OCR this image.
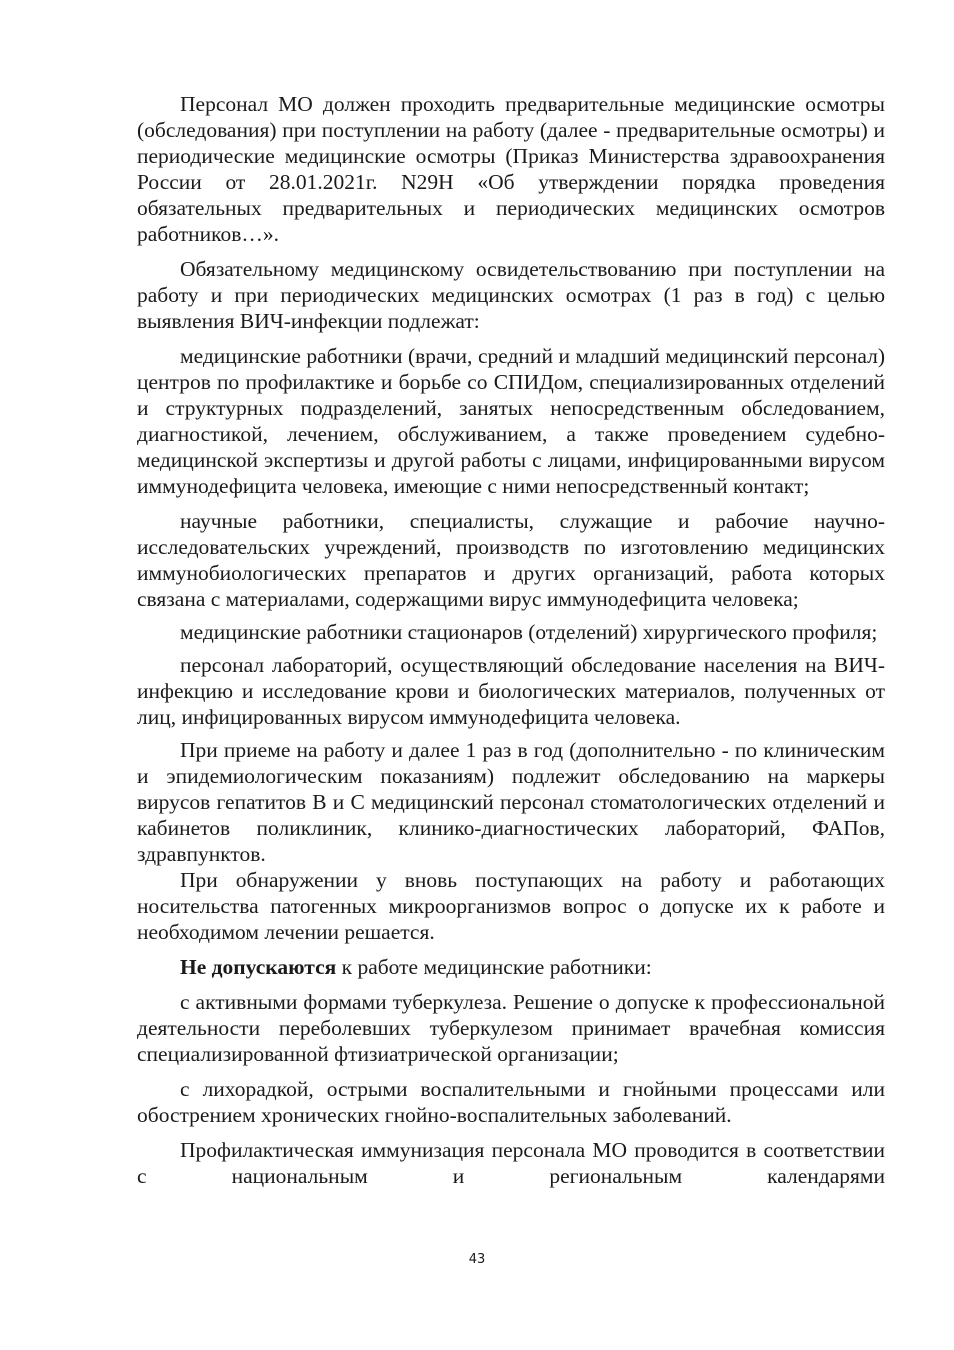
Персонал МО должен проходить предварительные медицинские осмотры (обследования) при поступлении на работу (далее - предварительные осмотры) и периодические медицинские осмотры (Приказ Министерства здравоохранения России от 28.01.2021г. N29Н «Об утверждении порядка проведения обязательных предварительных и периодических медицинских осмотров работников…».

Обязательному медицинскому освидетельствованию при поступлении на работу и при периодических медицинских осмотрах (1 раз в год) с целью выявления ВИЧ-инфекции подлежат:

медицинские работники (врачи, средний и младший медицинский персонал) центров по профилактике и борьбе со СПИДом, специализированных отделений и структурных подразделений, занятых непосредственным обследованием, диагностикой, лечением, обслуживанием, а также проведением судебно-медицинской экспертизы и другой работы с лицами, инфицированными вирусом иммунодефицита человека, имеющие с ними непосредственный контакт;

научные работники, специалисты, служащие и рабочие научно-исследовательских учреждений, производств по изготовлению медицинских иммунобиологических препаратов и других организаций, работа которых связана с материалами, содержащими вирус иммунодефицита человека;

медицинские работники стационаров (отделений) хирургического профиля;

персонал лабораторий, осуществляющий обследование населения на ВИЧ-инфекцию и исследование крови и биологических материалов, полученных от лиц, инфицированных вирусом иммунодефицита человека.

При приеме на работу и далее 1 раз в год (дополнительно - по клиническим и эпидемиологическим показаниям) подлежит обследованию на маркеры вирусов гепатитов В и С медицинский персонал стоматологических отделений и кабинетов поликлиник, клинико-диагностических лабораторий, ФАПов, здравпунктов.

При обнаружении у вновь поступающих на работу и работающих носительства патогенных микроорганизмов вопрос о допуске их к работе и необходимом лечении решается.

Не допускаются к работе медицинские работники:

с активными формами туберкулеза. Решение о допуске к профессиональной деятельности переболевших туберкулезом принимает врачебная комиссия специализированной фтизиатрической организации;

с лихорадкой, острыми воспалительными и гнойными процессами или обострением хронических гнойно-воспалительных заболеваний.

Профилактическая иммунизация персонала МО проводится в соответствии с национальным и региональным календарями

43
